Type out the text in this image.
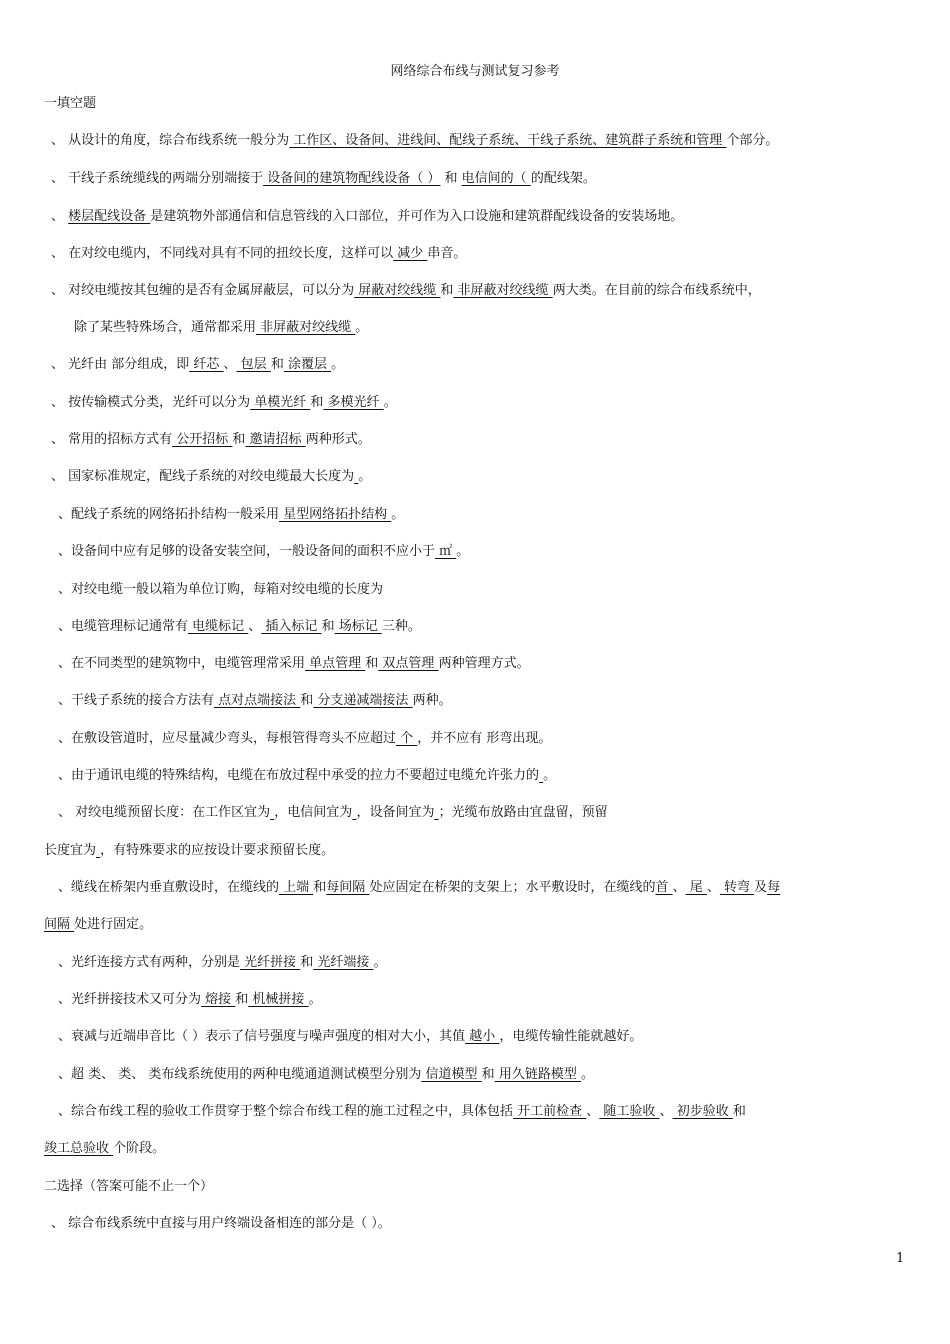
网络综合布线与测试复习参考
一填空题
、 从设计的角度，综合布线系统一般分为 工作区、设备间、进线间、配线子系统、干线子系统、建筑群子系统和管理 个部分。
、 干线子系统缆线的两端分别端接于 设备间的建筑物配线设备（ ） 和 电信间的（ 的配线架。
、 楼层配线设备 是建筑物外部通信和信息管线的入口部位，并可作为入口设施和建筑群配线设备的安装场地。
、 在对绞电缆内，不同线对具有不同的扭绞长度，这样可以 减少 串音。
、 对绞电缆按其包缠的是否有金属屏蔽层，可以分为 屏蔽对绞线缆 和 非屏蔽对绞线缆 两大类。在目前的综合布线系统中，
除了某些特殊场合，通常都采用 非屏蔽对绞线缆 。
、 光纤由 部分组成，即 纤芯 、 包层 和 涂覆层 。
、 按传输模式分类，光纤可以分为 单模光纤 和 多模光纤 。
、 常用的招标方式有 公开招标 和 邀请招标 两种形式。
、 国家标准规定，配线子系统的对绞电缆最大长度为 。
、配线子系统的网络拓扑结构一般采用 星型网络拓扑结构 。
、设备间中应有足够的设备安装空间，一般设备间的面积不应小于 ㎡ 。
、对绞电缆一般以箱为单位订购，每箱对绞电缆的长度为
、电缆管理标记通常有 电缆标记 、 插入标记 和 场标记 三种。
、在不同类型的建筑物中，电缆管理常采用 单点管理 和 双点管理 两种管理方式。
、干线子系统的接合方法有 点对点端接法 和 分支递减端接法 两种。
、在敷设管道时，应尽量减少弯头，每根管得弯头不应超过 个 ，并不应有 形弯出现。
、由于通讯电缆的特殊结构，电缆在布放过程中承受的拉力不要超过电缆允许张力的 。
、 对绞电缆预留长度：在工作区宜为 ，电信间宜为 ，设备间宜为 ；光缆布放路由宜盘留，预留
长度宜为 ，有特殊要求的应按设计要求预留长度。
、缆线在桥架内垂直敷设时，在缆线的 上端 和每间隔 处应固定在桥架的支架上；水平敷设时，在缆线的首 、 尾 、 转弯 及每
间隔 处进行固定。
、光纤连接方式有两种，分别是 光纤拼接 和 光纤端接 。
、光纤拼接技术又可分为 熔接 和 机械拼接 。
、衰减与近端串音比（ ）表示了信号强度与噪声强度的相对大小，其值 越小 ，电缆传输性能就越好。
、超 类、 类、 类布线系统使用的两种电缆通道测试模型分别为 信道模型 和 用久链路模型 。
、综合布线工程的验收工作贯穿于整个综合布线工程的施工过程之中，具体包括 开工前检查 、 随工验收 、 初步验收 和
竣工总验收 个阶段。
、 综合布线系统中直接与用户终端设备相连的部分是（ ）。
二选择（答案可能不止一个）
1
